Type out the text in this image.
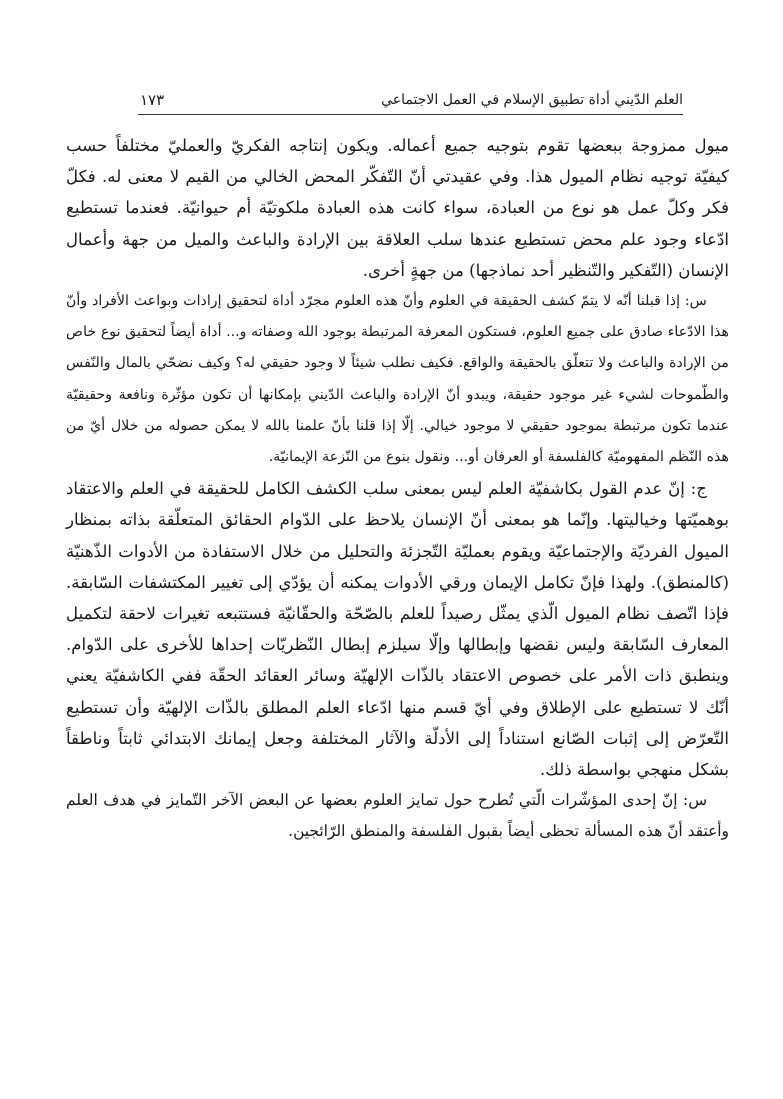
العلم الدّيني أداة تطبيق الإسلام في العمل الاجتماعي
١٧٣

ميول ممزوجة ببعضها تقوم بتوجيه جميع أعماله. ويكون إنتاجه الفكريّ والعمليّ مختلفاً حسب كيفيّة توجيه نظام الميول هذا. وفي عقيدتي أنّ التّفكّر المحض الخالي من القيم لا معنى له. فكلّ فكر وكلّ عمل هو نوع من العبادة، سواء كانت هذه العبادة ملكوتيّة أم حيوانيّة. فعندما تستطيع ادّعاء وجود علم محض تستطيع عندها سلب العلاقة بين الإرادة والباعث والميل من جهة وأعمال الإنسان (التّفكير والتّنظير أحد نماذجها) من جهةٍ أخرى.

س: إذا قبلنا أنّه لا يتمّ كشف الحقيقة في العلوم وأنّ هذه العلوم مجرّد أداة لتحقيق إرادات وبواعث الأفراد وأنّ هذا الادّعاء صادق على جميع العلوم، فستكون المعرفة المرتبطة بوجود الله وصفاته و... أداة أيضاً لتحقيق نوع خاص من الإرادة والباعث ولا تتعلّق بالحقيقة والواقع. فكيف نطلب شيئاً لا وجود حقيقي له؟ وكيف نضحّي بالمال والنّفس والطّموحات لشيء غير موجود حقيقة، ويبدو أنّ الإرادة والباعث الدّيني بإمكانها أن تكون مؤثّرة ونافعة وحقيقيّة عندما تكون مرتبطة بموجود حقيقي لا موجود خيالي. إلّا إذا قلنا بأنّ علمنا بالله لا يمكن حصوله من خلال أيّ من هذه النّظم المفهوميّة كالفلسفة أو العرفان أو... ونقول بنوع من النّزعة الإيمانيّة.

ج: إنّ عدم القول بكاشفيّة العلم ليس بمعنى سلب الكشف الكامل للحقيقة في العلم والاعتقاد بوهميّتها وخياليتها. وإنّما هو بمعنى أنّ الإنسان يلاحظ على الدّوام الحقائق المتعلّقة بذاته بمنظار الميول الفرديّة والإجتماعيّة ويقوم بعمليّة التّجزئة والتحليل من خلال الاستفادة من الأدوات الذّهنيّة (كالمنطق). ولهذا فإنّ تكامل الإيمان ورقي الأدوات يمكنه أن يؤدّي إلى تغيير المكتشفات السّابقة. فإذا اتّصف نظام الميول الّذي يمثّل رصيداً للعلم بالصّحّة والحقّانيّة فستتبعه تغيرات لاحقة لتكميل المعارف السّابقة وليس نقضها وإبطالها وإلّا سيلزم إبطال النّظريّات إحداها للأخرى على الدّوام. وينطبق ذات الأمر على خصوص الاعتقاد بالذّات الإلهيّة وسائر العقائد الحقّة ففي الكاشفيّة يعني أنّك لا تستطيع على الإطلاق وفي أيّ قسم منها ادّعاء العلم المطلق بالذّات الإلهيّة وأن تستطيع التّعرّض إلى إثبات الصّانع استناداً إلى الأدلّة والآثار المختلفة وجعل إيمانك الابتدائي ثابتاً وناطقاً بشكل منهجي بواسطة ذلك.

س: إنّ إحدى المؤشّرات الّتي تُطرح حول تمايز العلوم بعضها عن البعض الآخر التّمايز في هدف العلم وأعتقد أنّ هذه المسألة تحظى أيضاً بقبول الفلسفة والمنطق الرّائجين.
